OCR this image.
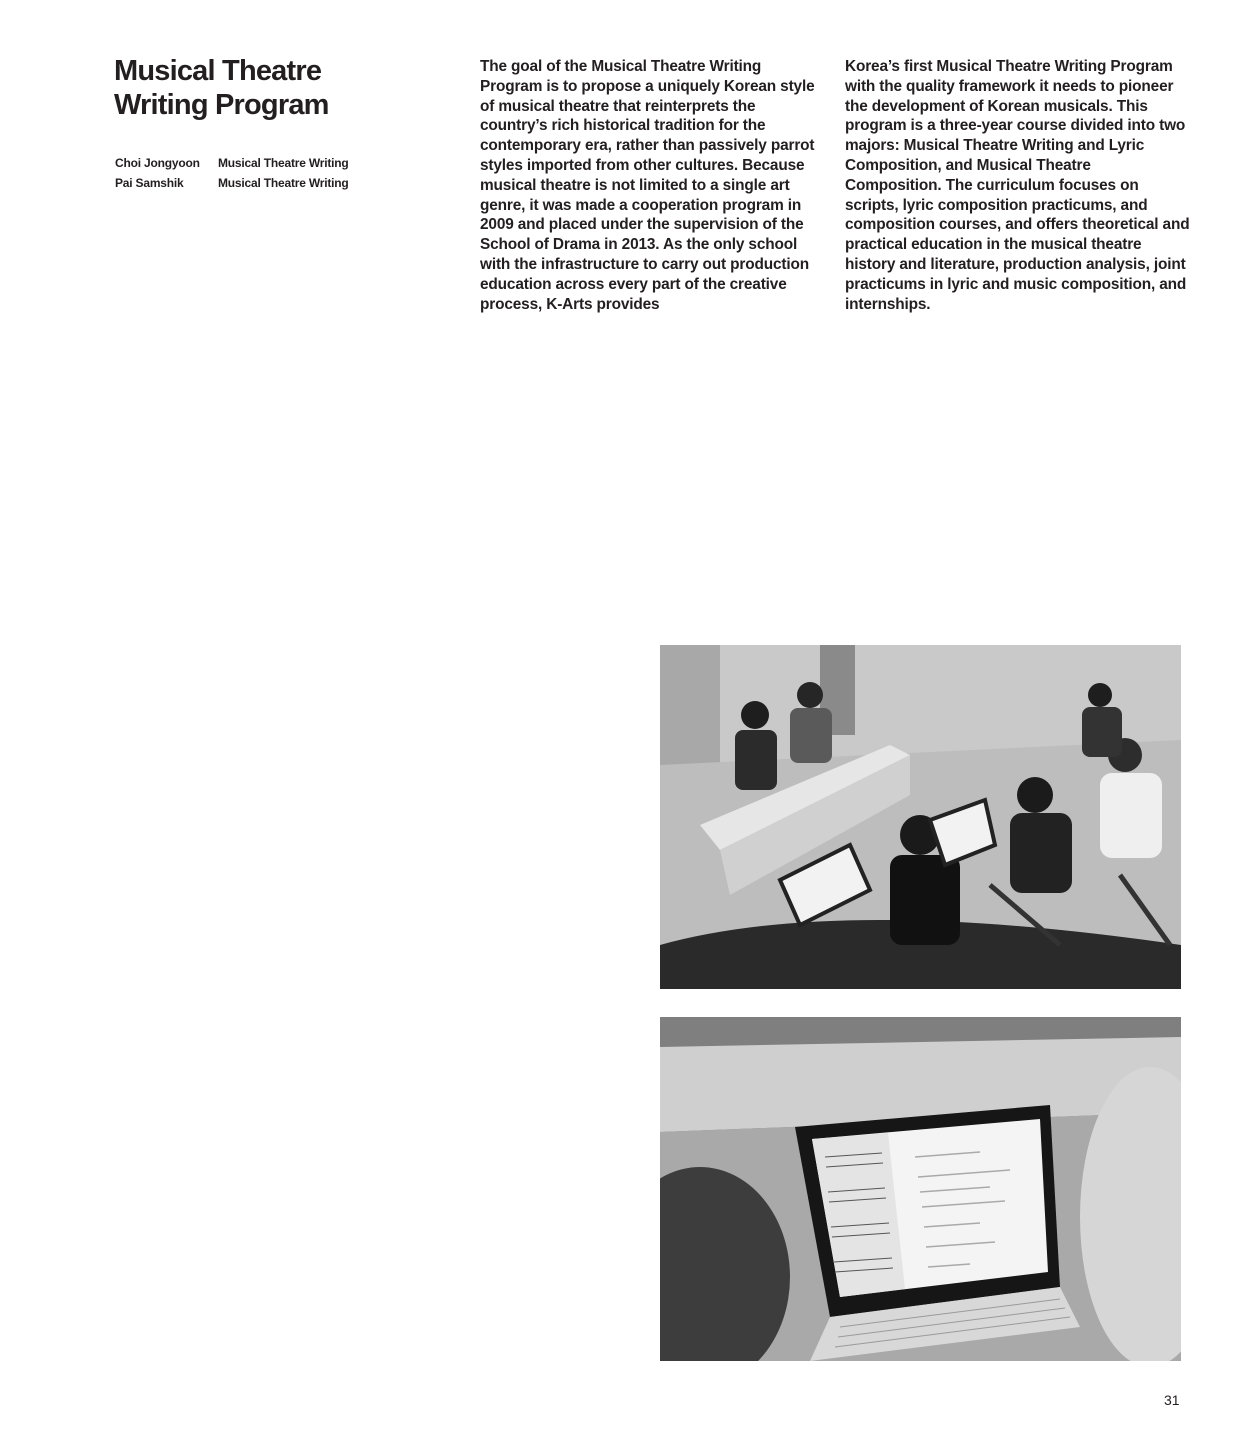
Musical Theatre
Writing Program
Choi Jongyoon	Musical Theatre Writing
Pai Samshik	Musical Theatre Writing
The goal of the Musical Theatre Writing Program is to propose a uniquely Korean style of musical theatre that reinterprets the country’s rich historical tradition for the contemporary era, rather than passively parrot styles imported from other cultures. Because musical theatre is not limited to a single art genre, it was made a cooperation program in 2009 and placed under the supervision of the School of Drama in 2013. As the only school with the infrastructure to carry out production education across every part of the creative process, K-Arts provides
Korea’s first Musical Theatre Writing Program with the quality framework it needs to pioneer the development of Korean musicals. This program is a three-year course divided into two majors: Musical Theatre Writing and Lyric Composition, and Musical Theatre Composition. The curriculum focuses on scripts, lyric composition practicums, and composition courses, and offers theoretical and practical education in the musical theatre history and literature, production analysis, joint practicums in lyric and music composition, and internships.
31
